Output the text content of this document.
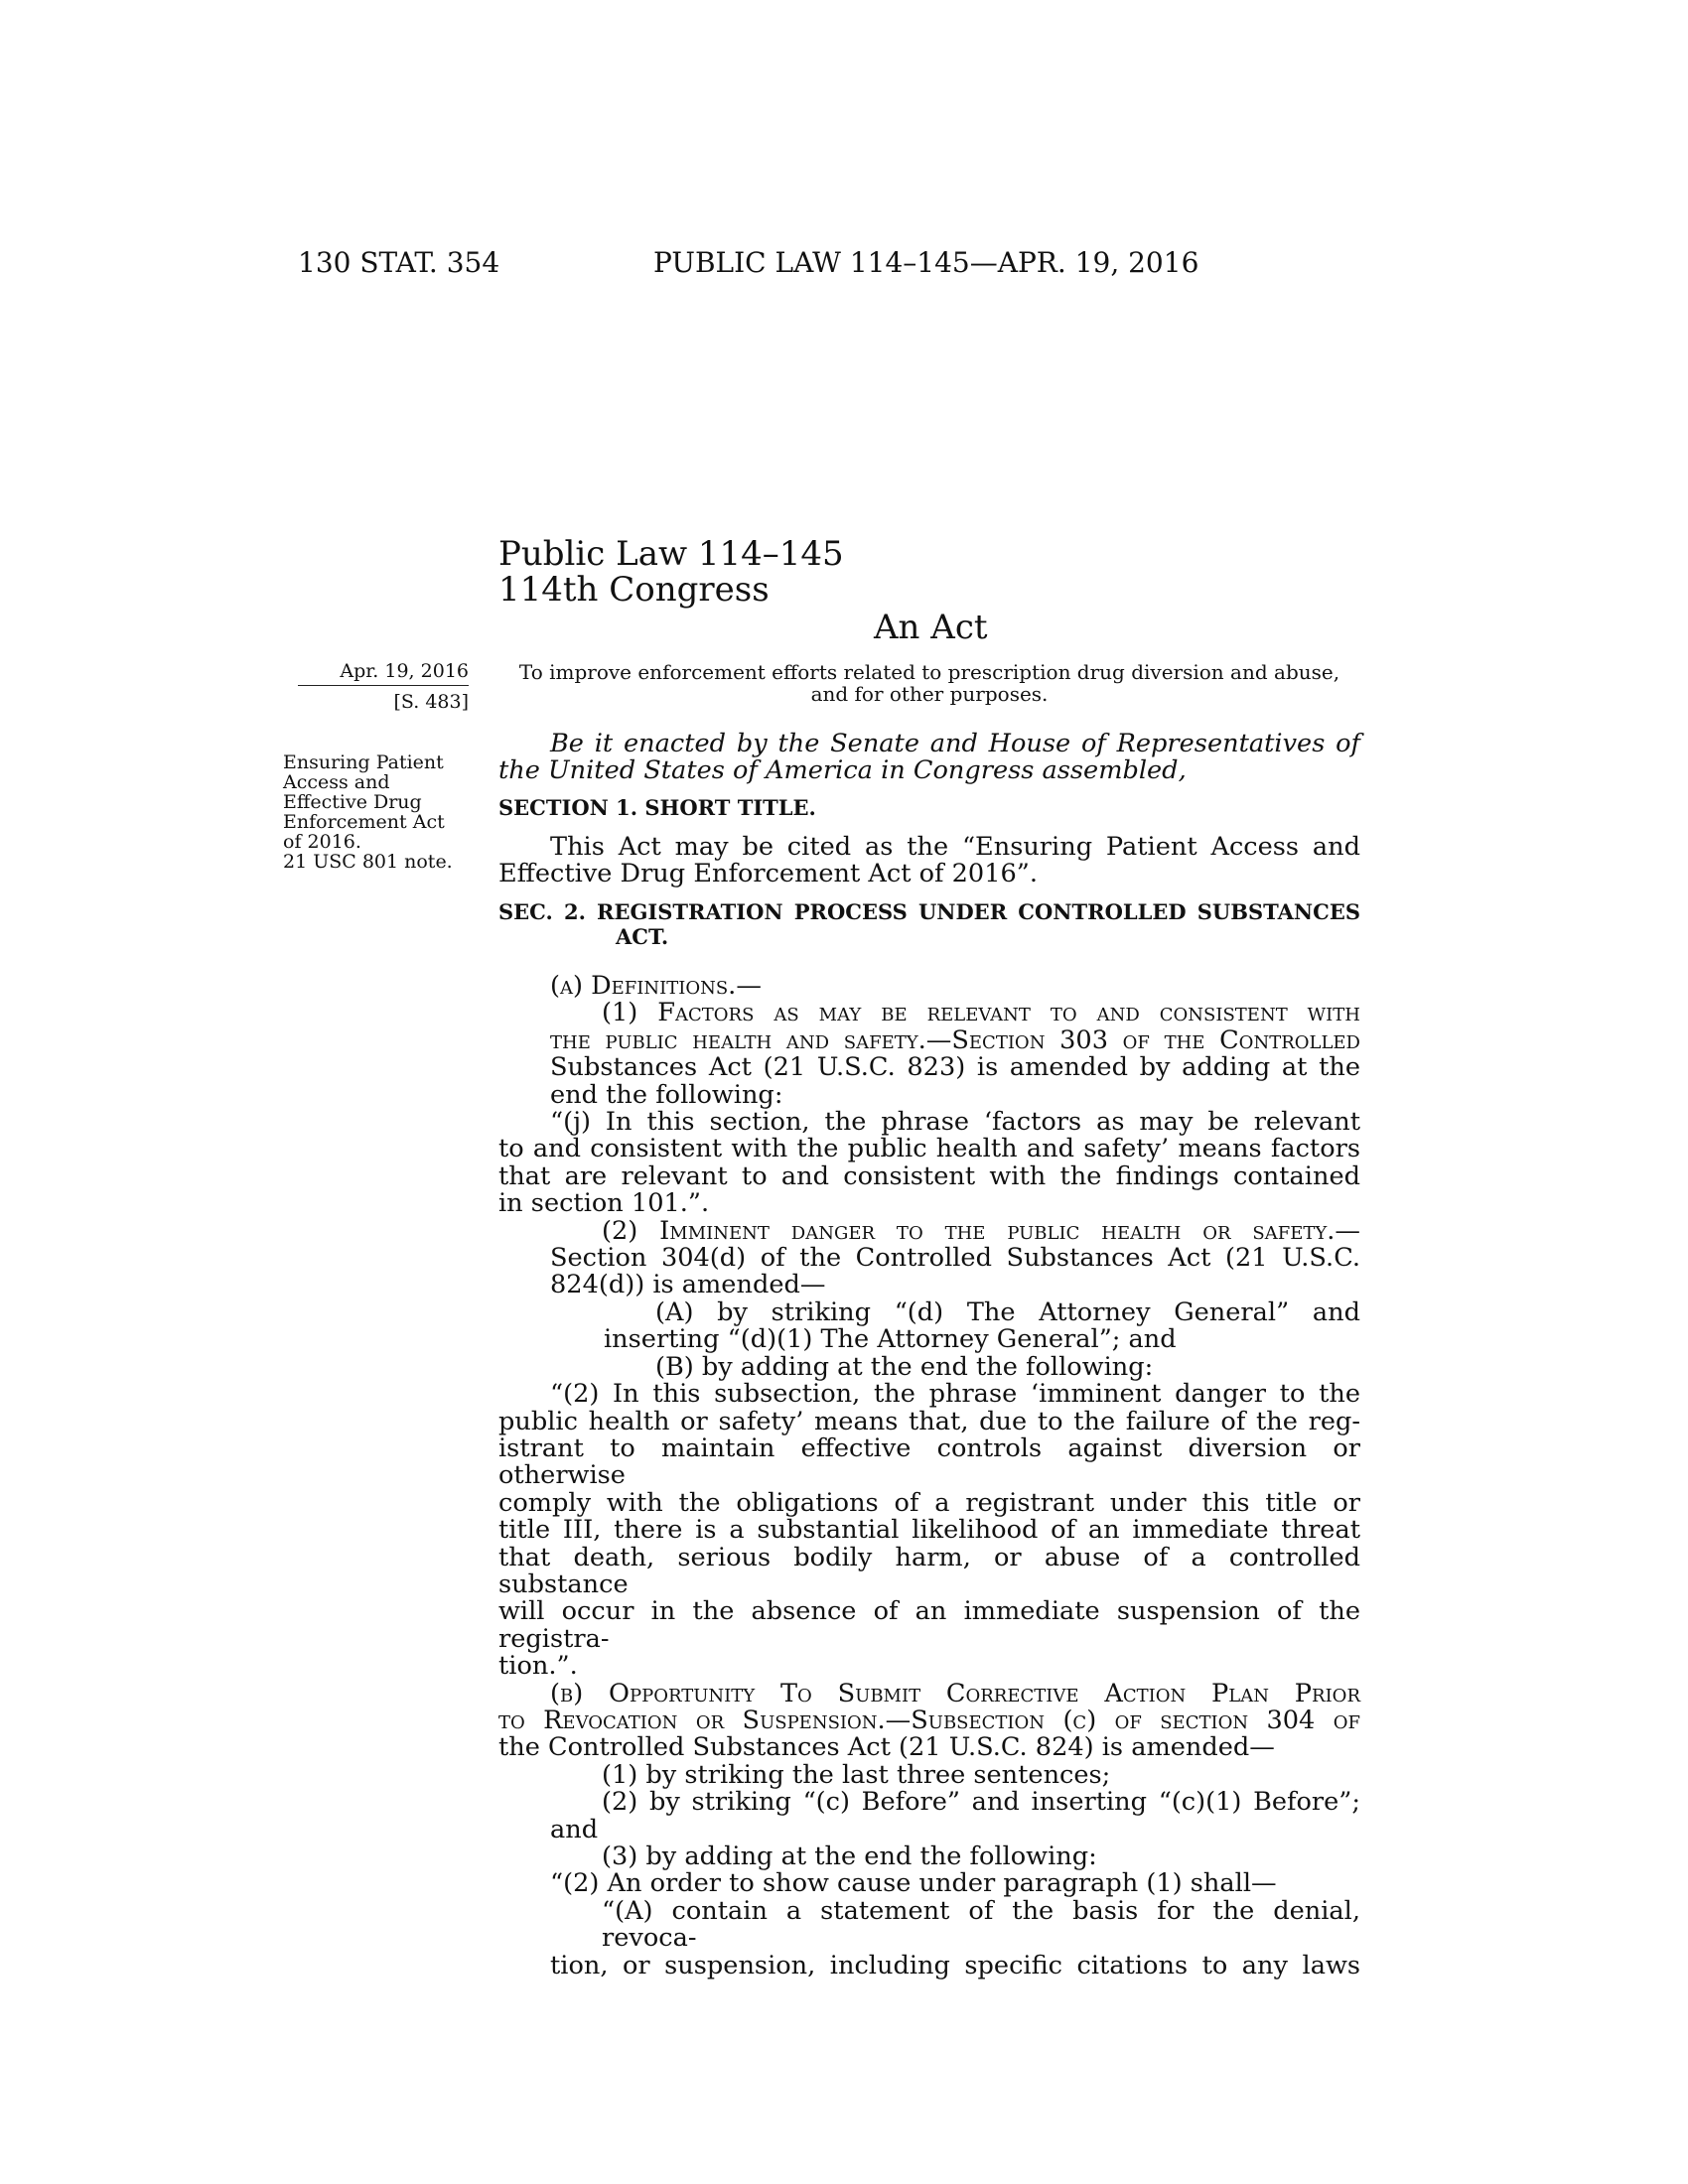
130 STAT. 354	PUBLIC LAW 114–145—APR. 19, 2016
Public Law 114–145
114th Congress
An Act
To improve enforcement efforts related to prescription drug diversion and abuse,
and for other purposes.
Apr. 19, 2016
[S. 483]
Ensuring Patient
Access and
Effective Drug
Enforcement Act
of 2016.
21 USC 801 note.
Be it enacted by the Senate and House of Representatives of
the United States of America in Congress assembled,
SECTION 1. SHORT TITLE.
This Act may be cited as the “Ensuring Patient Access and
Effective Drug Enforcement Act of 2016”.
SEC. 2. REGISTRATION PROCESS UNDER CONTROLLED SUBSTANCES
ACT.
(a) Definitions.—
(1) Factors as may be relevant to and consistent with
the public health and safety.—Section 303 of the Controlled
Substances Act (21 U.S.C. 823) is amended by adding at the
end the following:
“(j) In this section, the phrase ‘factors as may be relevant
to and consistent with the public health and safety’ means factors
that are relevant to and consistent with the findings contained
in section 101.”.
(2) Imminent danger to the public health or safety.—
Section 304(d) of the Controlled Substances Act (21 U.S.C.
824(d)) is amended—
(A) by striking “(d) The Attorney General” and
inserting “(d)(1) The Attorney General”; and
(B) by adding at the end the following:
“(2) In this subsection, the phrase ‘imminent danger to the
public health or safety’ means that, due to the failure of the reg-
istrant to maintain effective controls against diversion or otherwise
comply with the obligations of a registrant under this title or
title III, there is a substantial likelihood of an immediate threat
that death, serious bodily harm, or abuse of a controlled substance
will occur in the absence of an immediate suspension of the registra-
tion.”.
(b) Opportunity To Submit Corrective Action Plan Prior
to Revocation or Suspension.—Subsection (c) of section 304 of
the Controlled Substances Act (21 U.S.C. 824) is amended—
(1) by striking the last three sentences;
(2) by striking “(c) Before” and inserting “(c)(1) Before”;
and
(3) by adding at the end the following:
“(2) An order to show cause under paragraph (1) shall—
“(A) contain a statement of the basis for the denial, revoca-
tion, or suspension, including specific citations to any laws
